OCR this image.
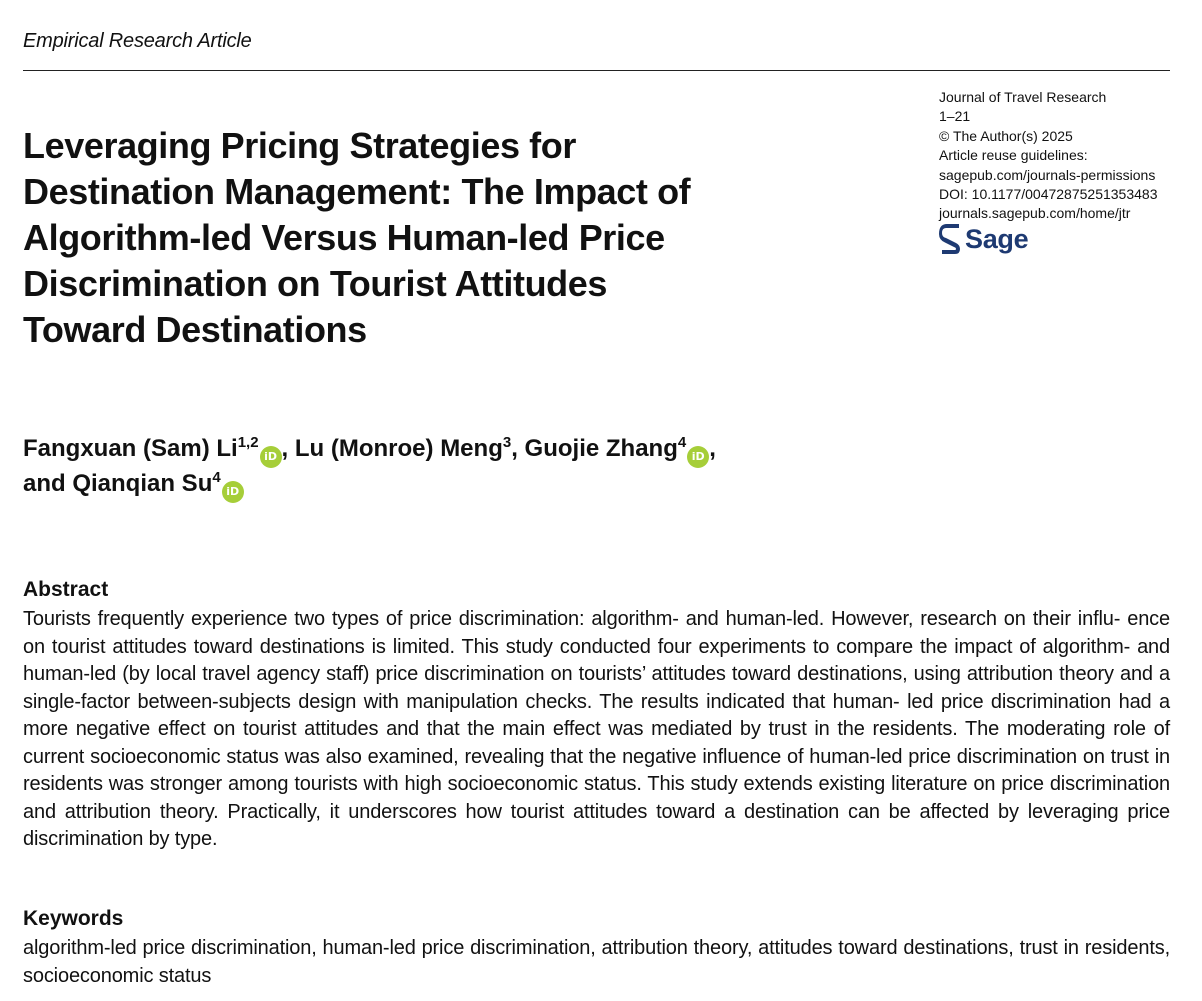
Empirical Research Article
Leveraging Pricing Strategies for
Destination Management: The Impact of
Algorithm-led Versus Human-led Price
Discrimination on Tourist Attitudes
Toward Destinations
Journal of Travel Research
1–21
© The Author(s) 2025
Article reuse guidelines:
sagepub.com/journals-permissions
DOI: 10.1177/00472875251353483
journals.sagepub.com/home/jtr
Sage
Fangxuan (Sam) Li$^{1,2}$iD , Lu (Monroe) Meng$^3$, Guojie Zhang$^4$iD ,
and Qianqian Su$^4$iD
Abstract
Tourists frequently experience two types of price discrimination: algorithm- and human-led. However, research on their influ- ence on tourist attitudes toward destinations is limited. This study conducted four experiments to compare the impact of algorithm- and human-led (by local travel agency staff) price discrimination on tourists’ attitudes toward destinations, using attribution theory and a single-factor between-subjects design with manipulation checks. The results indicated that human- led price discrimination had a more negative effect on tourist attitudes and that the main effect was mediated by trust in the residents. The moderating role of current socioeconomic status was also examined, revealing that the negative influence of human-led price discrimination on trust in residents was stronger among tourists with high socioeconomic status. This study extends existing literature on price discrimination and attribution theory. Practically, it underscores how tourist attitudes toward a destination can be affected by leveraging price discrimination by type.
Keywords
algorithm-led price discrimination, human-led price discrimination, attribution theory, attitudes toward destinations, trust in residents, socioeconomic status
